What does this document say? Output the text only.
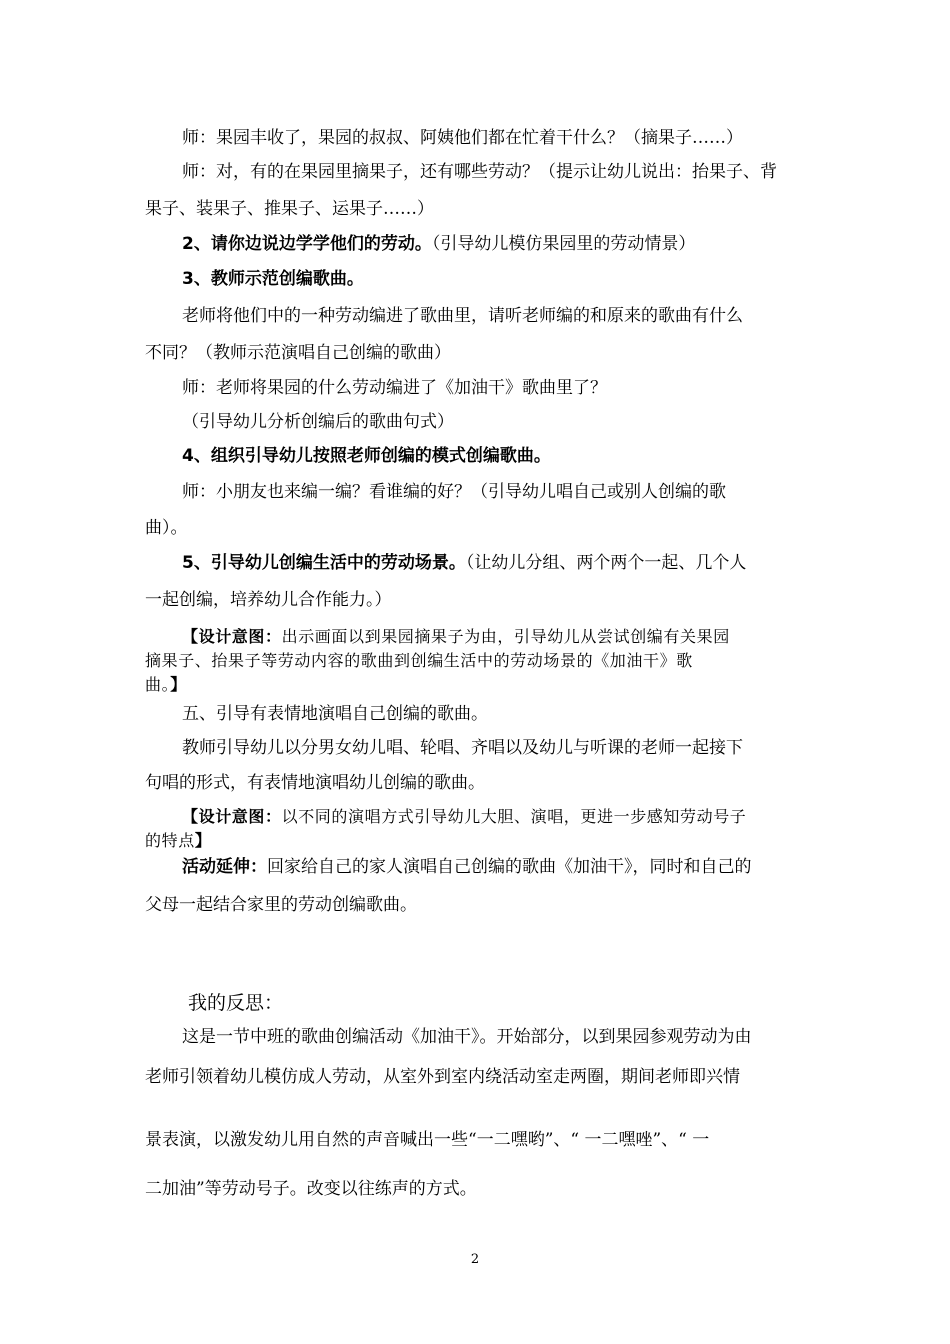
师：果园丰收了，果园的叔叔、阿姨他们都在忙着干什么？（摘果子……）
师：对，有的在果园里摘果子，还有哪些劳动？（提示让幼儿说出：抬果子、背
果子、装果子、推果子、运果子……）
2、请你边说边学学他们的劳动。（引导幼儿模仿果园里的劳动情景）
3、教师示范创编歌曲。
老师将他们中的一种劳动编进了歌曲里，请听老师编的和原来的歌曲有什么
不同？（教师示范演唱自己创编的歌曲）
师：老师将果园的什么劳动编进了《加油干》歌曲里了？
（引导幼儿分析创编后的歌曲句式）
4、组织引导幼儿按照老师创编的模式创编歌曲。
师：小朋友也来编一编？看谁编的好？（引导幼儿唱自己或别人创编的歌
曲）。
5、引导幼儿创编生活中的劳动场景。（让幼儿分组、两个两个一起、几个人
一起创编，培养幼儿合作能力。）
【设计意图：出示画面以到果园摘果子为由，引导幼儿从尝试创编有关果园
摘果子、抬果子等劳动内容的歌曲到创编生活中的劳动场景的《加油干》歌
曲。】
五、引导有表情地演唱自己创编的歌曲。
教师引导幼儿以分男女幼儿唱、轮唱、齐唱以及幼儿与听课的老师一起接下
句唱的形式，有表情地演唱幼儿创编的歌曲。
【设计意图：以不同的演唱方式引导幼儿大胆、演唱，更进一步感知劳动号子
的特点】
活动延伸：回家给自己的家人演唱自己创编的歌曲《加油干》，同时和自己的
父母一起结合家里的劳动创编歌曲。
我的反思：
这是一节中班的歌曲创编活动《加油干》。开始部分，以到果园参观劳动为由
老师引领着幼儿模仿成人劳动，从室外到室内绕活动室走两圈，期间老师即兴情
景表演，以激发幼儿用自然的声音喊出一些“一二嘿哟”、“ 一二嘿唑”、“ 一
二加油”等劳动号子。改变以往练声的方式。
2
